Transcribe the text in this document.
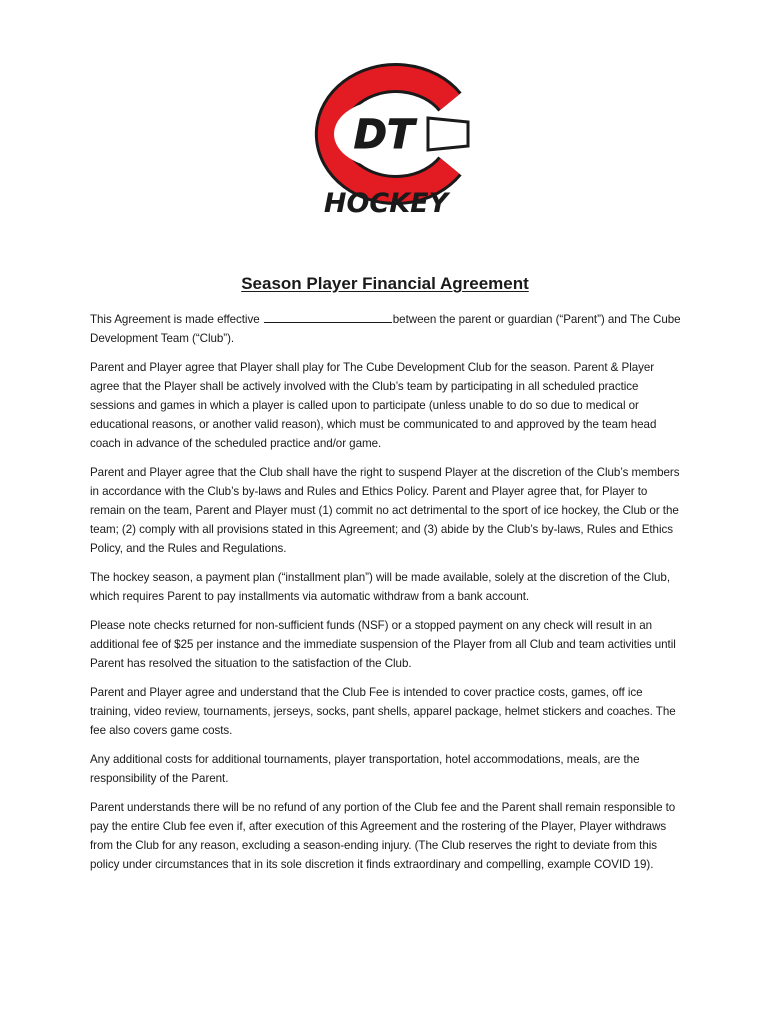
DT
HOCKEY
Season Player Financial Agreement

This Agreement is made effective	between the parent or guardian (“Parent”) and The Cube Development Team (“Club”).

Parent and Player agree that Player shall play for The Cube Development Club for the season. Parent & Player agree that the Player shall be actively involved with the Club’s team by participating in all scheduled practice sessions and games in which a player is called upon to participate (unless unable to do so due to medical or educational reasons, or another valid reason), which must be communicated to and approved by the team head coach in advance of the scheduled practice and/or game.

Parent and Player agree that the Club shall have the right to suspend Player at the discretion of the Club’s members in accordance with the Club’s by-laws and Rules and Ethics Policy. Parent and Player agree that, for Player to remain on the team, Parent and Player must (1) commit no act detrimental to the sport of ice hockey, the Club or the team; (2) comply with all provisions stated in this Agreement; and (3) abide by the Club’s by-laws, Rules and Ethics Policy, and the Rules and Regulations.

The hockey season, a payment plan (“installment plan”) will be made available, solely at the discretion of the Club, which requires Parent to pay installments via automatic withdraw from a bank account.

Please note checks returned for non-sufficient funds (NSF) or a stopped payment on any check will result in an additional fee of $25 per instance and the immediate suspension of the Player from all Club and team activities until Parent has resolved the situation to the satisfaction of the Club.

Parent and Player agree and understand that the Club Fee is intended to cover practice costs, games, off ice training, video review, tournaments, jerseys, socks, pant shells, apparel package, helmet stickers and coaches. The fee also covers game costs.

Any additional costs for additional tournaments, player transportation, hotel accommodations, meals, are the responsibility of the Parent.

Parent understands there will be no refund of any portion of the Club fee and the Parent shall remain responsible to pay the entire Club fee even if, after execution of this Agreement and the rostering of the Player, Player withdraws from the Club for any reason, excluding a season-ending injury. (The Club reserves the right to deviate from this policy under circumstances that in its sole discretion it finds extraordinary and compelling, example COVID 19).
